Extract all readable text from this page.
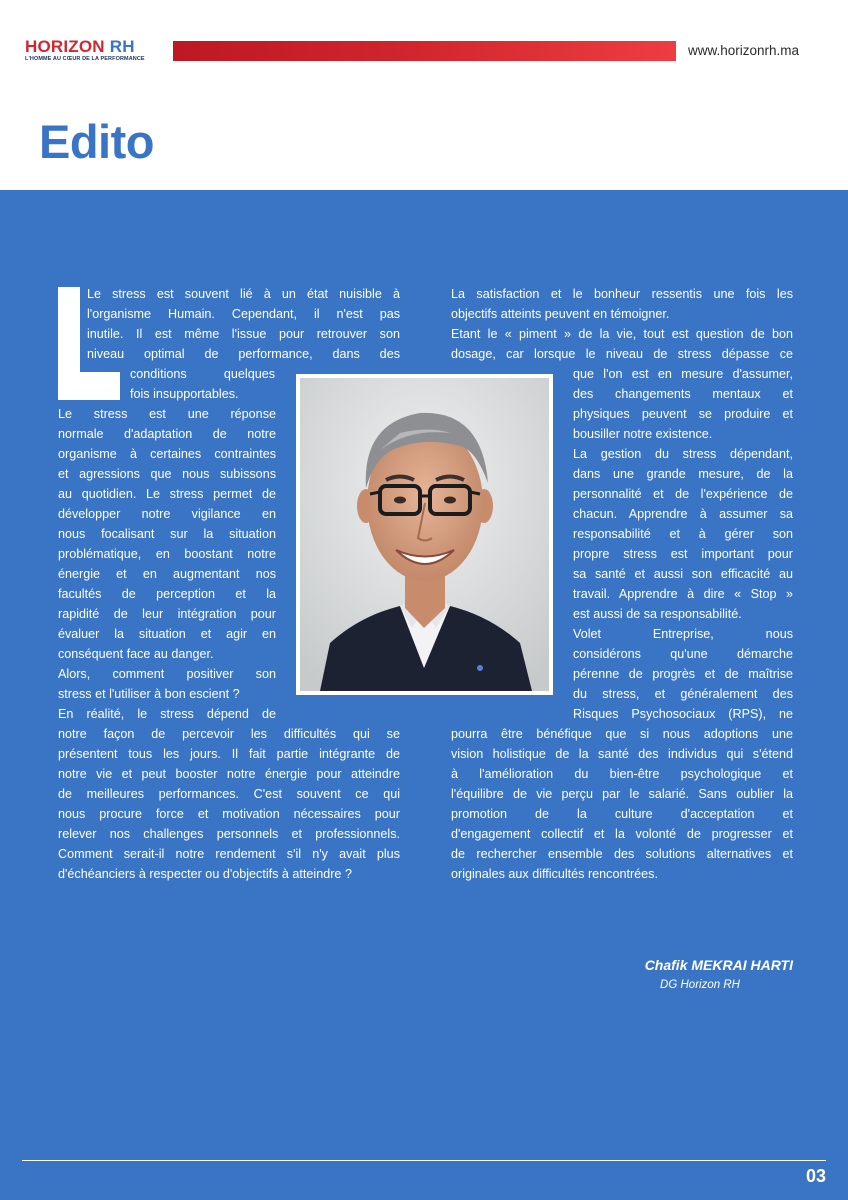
HORIZON RH
L'HOMME AU CŒUR DE LA PERFORMANCE
www.horizonrh.ma
Edito
Le stress est souvent lié à un état nuisible à
l'organisme Humain. Cependant, il n'est pas
inutile. Il est même l'issue pour retrouver son
niveau optimal de performance, dans des
conditions quelques
fois insupportables.
Le stress est une réponse
normale d'adaptation de notre
organisme à certaines contraintes
et agressions que nous subissons
au quotidien. Le stress permet de
développer notre vigilance en
nous focalisant sur la situation
problématique, en boostant notre
énergie et en augmentant nos
facultés de perception et la
rapidité de leur intégration pour
évaluer la situation et agir en
conséquent face au danger.
Alors, comment positiver son
stress et l'utiliser à bon escient ?
En réalité, le stress dépend de
notre façon de percevoir les difficultés qui se
présentent tous les jours. Il fait partie intégrante de
notre vie et peut booster notre énergie pour atteindre
de meilleures performances. C'est souvent ce qui
nous procure force et motivation nécessaires pour
relever nos challenges personnels et professionnels.
Comment serait-il notre rendement s'il n'y avait plus
d'échéanciers à respecter ou d'objectifs à atteindre ?
La satisfaction et le bonheur ressentis une fois les
objectifs atteints peuvent en témoigner.
Etant le « piment » de la vie, tout est question de bon
dosage, car lorsque le niveau de stress dépasse ce
que l'on est en mesure d'assumer,
des changements mentaux et
physiques peuvent se produire et
bousiller notre existence.
La gestion du stress dépendant,
dans une grande mesure, de la
personnalité et de l'expérience de
chacun. Apprendre à assumer sa
responsabilité et à gérer son
propre stress est important pour
sa santé et aussi son efficacité au
travail. Apprendre à dire « Stop »
est aussi de sa responsabilité.
Volet Entreprise, nous
considérons qu'une démarche
pérenne de progrès et de maîtrise
du stress, et généralement des
Risques Psychosociaux (RPS), ne
pourra être bénéfique que si nous adoptions une
vision holistique de la santé des individus qui s'étend
à l'amélioration du bien-être psychologique et
l'équilibre de vie perçu par le salarié. Sans oublier la
promotion de la culture d'acceptation et
d'engagement collectif et la volonté de progresser et
de rechercher ensemble des solutions alternatives et
originales aux difficultés rencontrées.
Chafik MEKRAI HARTI
DG Horizon RH
03
